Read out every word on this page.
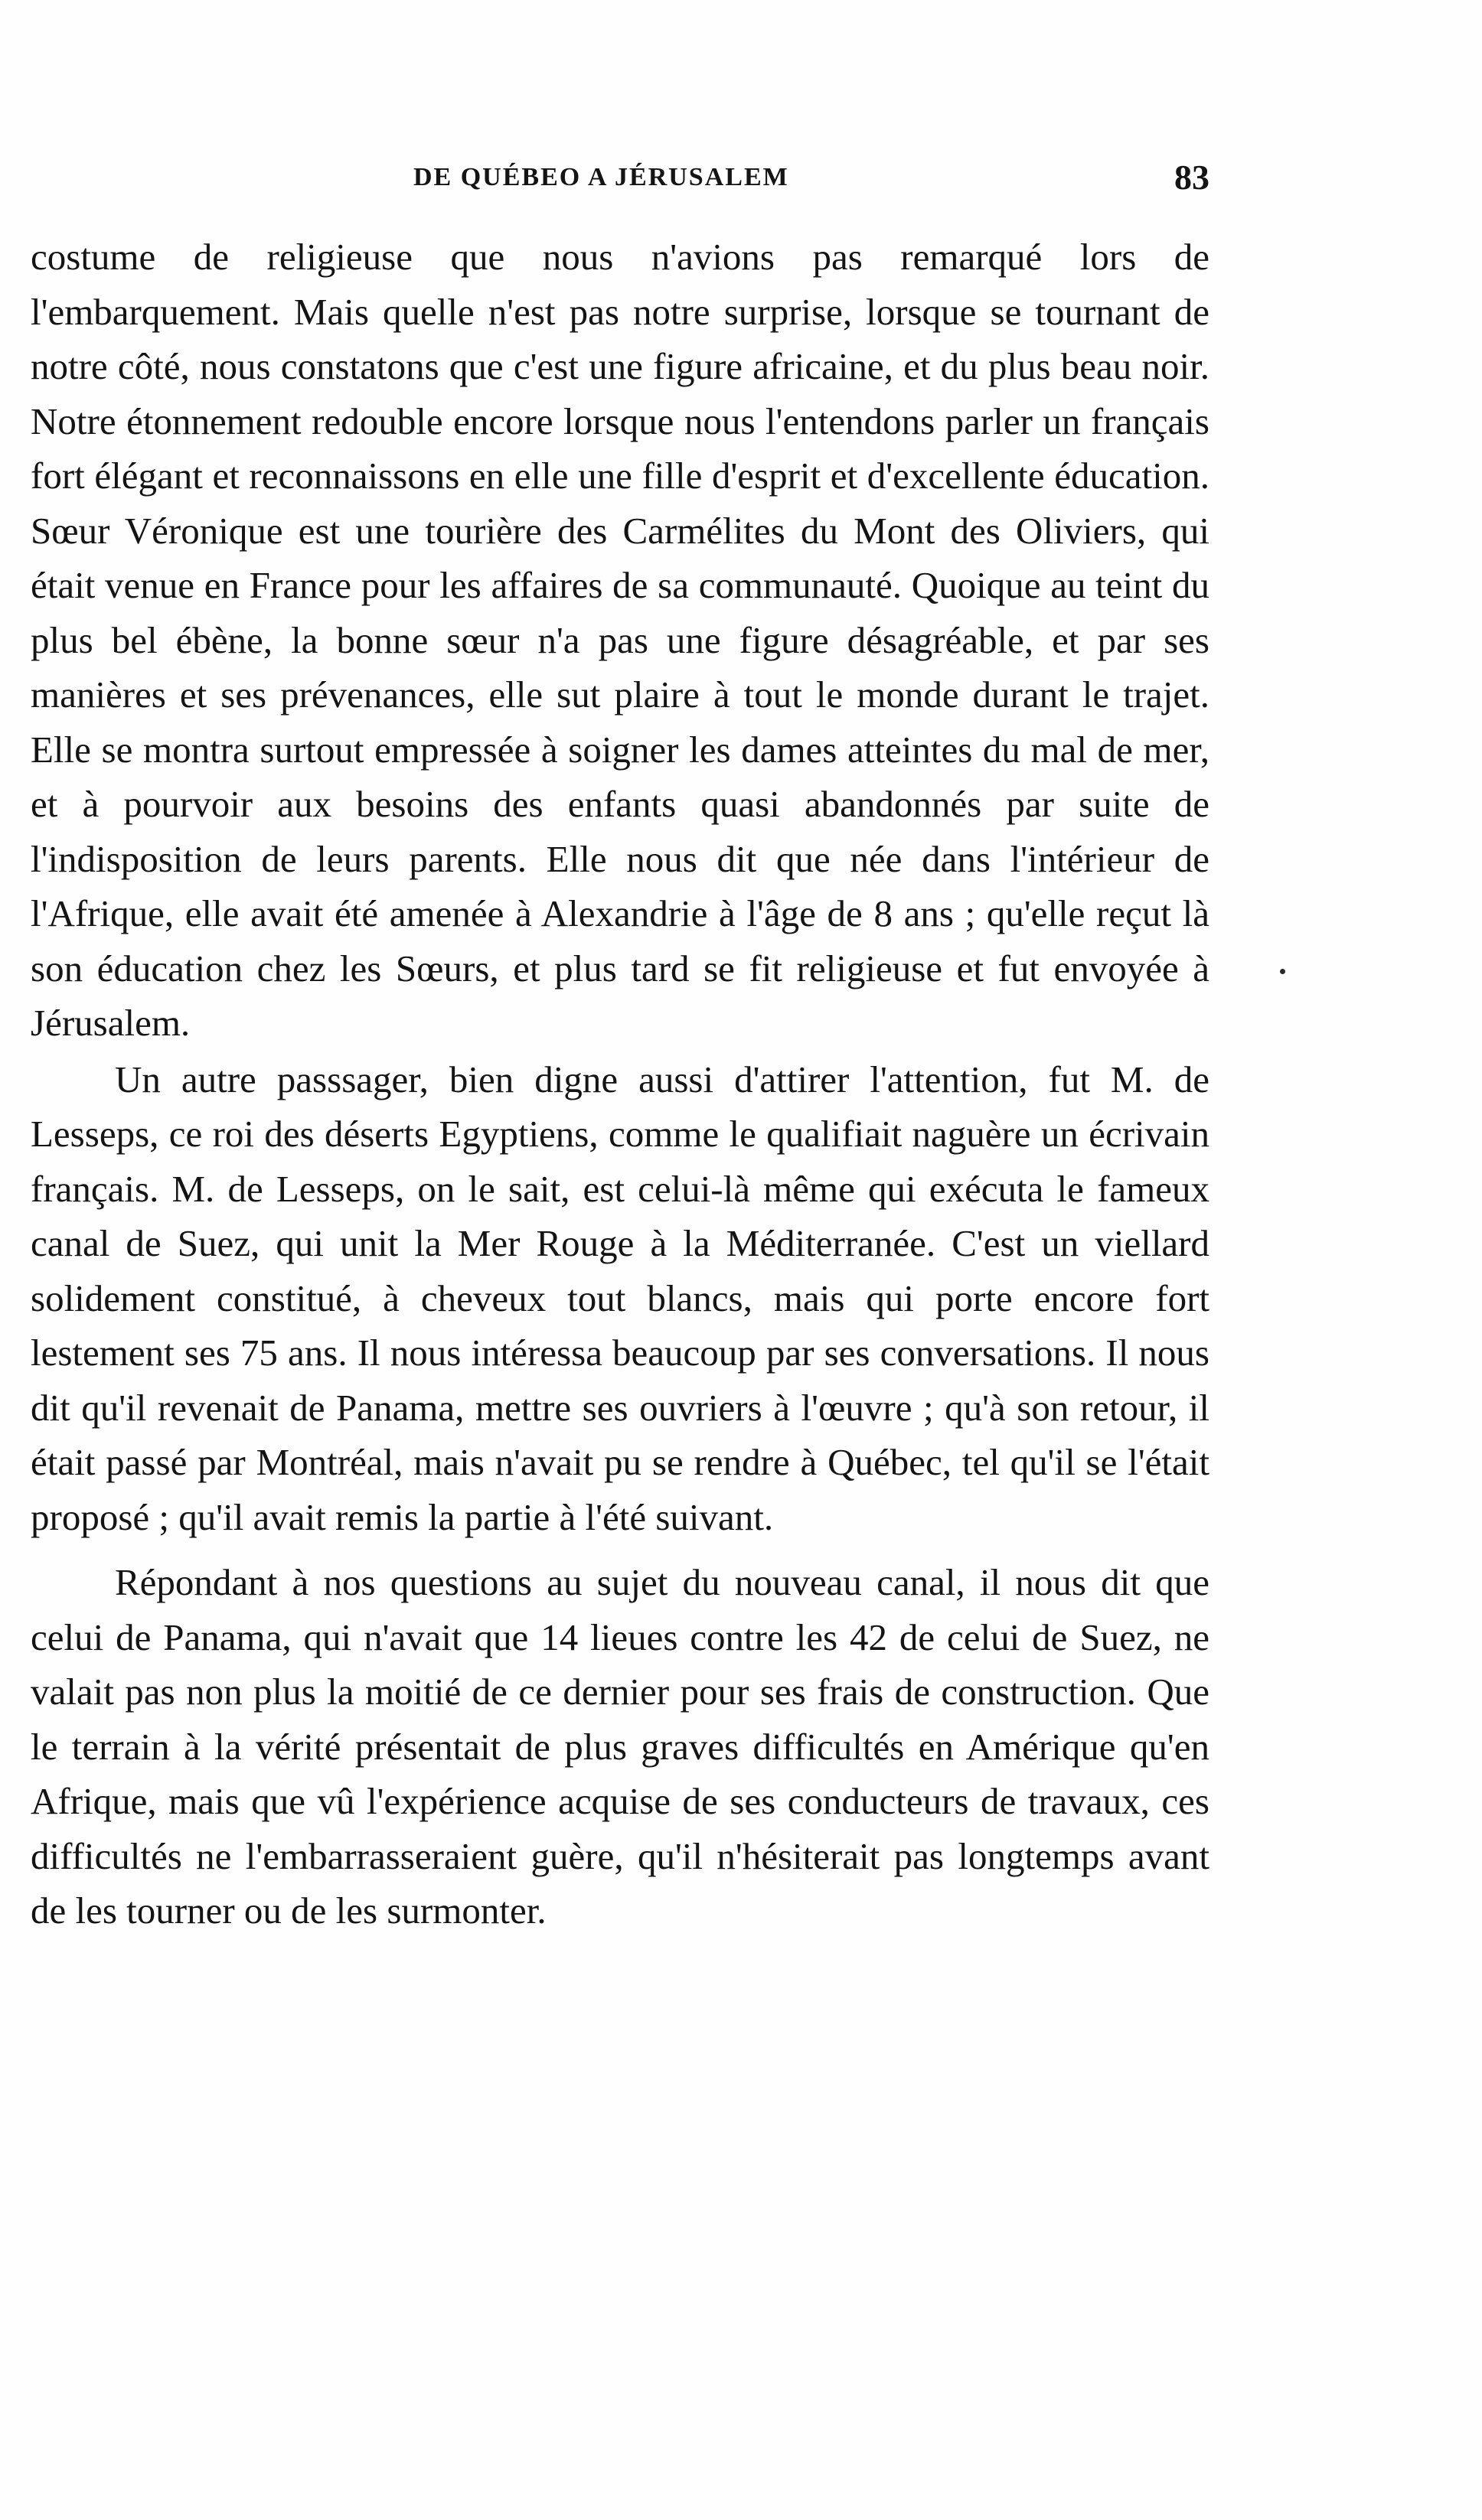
DE QUÉBEO A JÉRUSALEM	83

costume de religieuse que nous n'avions pas remarqué lors de l'embarquement. Mais quelle n'est pas notre surprise, lorsque se tournant de notre côté, nous constatons que c'est une figure africaine, et du plus beau noir. Notre étonnement redouble encore lorsque nous l'entendons parler un français fort élégant et reconnaissons en elle une fille d'esprit et d'excellente éducation. Sœur Véronique est une tourière des Carmélites du Mont des Oliviers, qui était venue en France pour les affaires de sa communauté. Quoique au teint du plus bel ébène, la bonne sœur n'a pas une figure désagréable, et par ses manières et ses prévenances, elle sut plaire à tout le monde durant le trajet. Elle se montra surtout empressée à soigner les dames atteintes du mal de mer, et à pourvoir aux besoins des enfants quasi abandonnés par suite de l'indisposition de leurs parents. Elle nous dit que née dans l'intérieur de l'Afrique, elle avait été amenée à Alexandrie à l'âge de 8 ans ; qu'elle reçut là son éducation chez les Sœurs, et plus tard se fit religieuse et fut envoyée à Jérusalem.

Un autre passsager, bien digne aussi d'attirer l'attention, fut M. de Lesseps, ce roi des déserts Egyptiens, comme le qualifiait naguère un écrivain français. M. de Lesseps, on le sait, est celui-là même qui exécuta le fameux canal de Suez, qui unit la Mer Rouge à la Méditerranée. C'est un viellard solidement constitué, à cheveux tout blancs, mais qui porte encore fort lestement ses 75 ans. Il nous intéressa beaucoup par ses conversations. Il nous dit qu'il revenait de Panama, mettre ses ouvriers à l'œuvre ; qu'à son retour, il était passé par Montréal, mais n'avait pu se rendre à Québec, tel qu'il se l'était proposé ; qu'il avait remis la partie à l'été suivant.

Répondant à nos questions au sujet du nouveau canal, il nous dit que celui de Panama, qui n'avait que 14 lieues contre les 42 de celui de Suez, ne valait pas non plus la moitié de ce dernier pour ses frais de construction. Que le terrain à la vérité présentait de plus graves difficultés en Amérique qu'en Afrique, mais que vû l'expérience acquise de ses conducteurs de travaux, ces difficultés ne l'embarrasseraient guère, qu'il n'hésiterait pas longtemps avant de les tourner ou de les surmonter.
